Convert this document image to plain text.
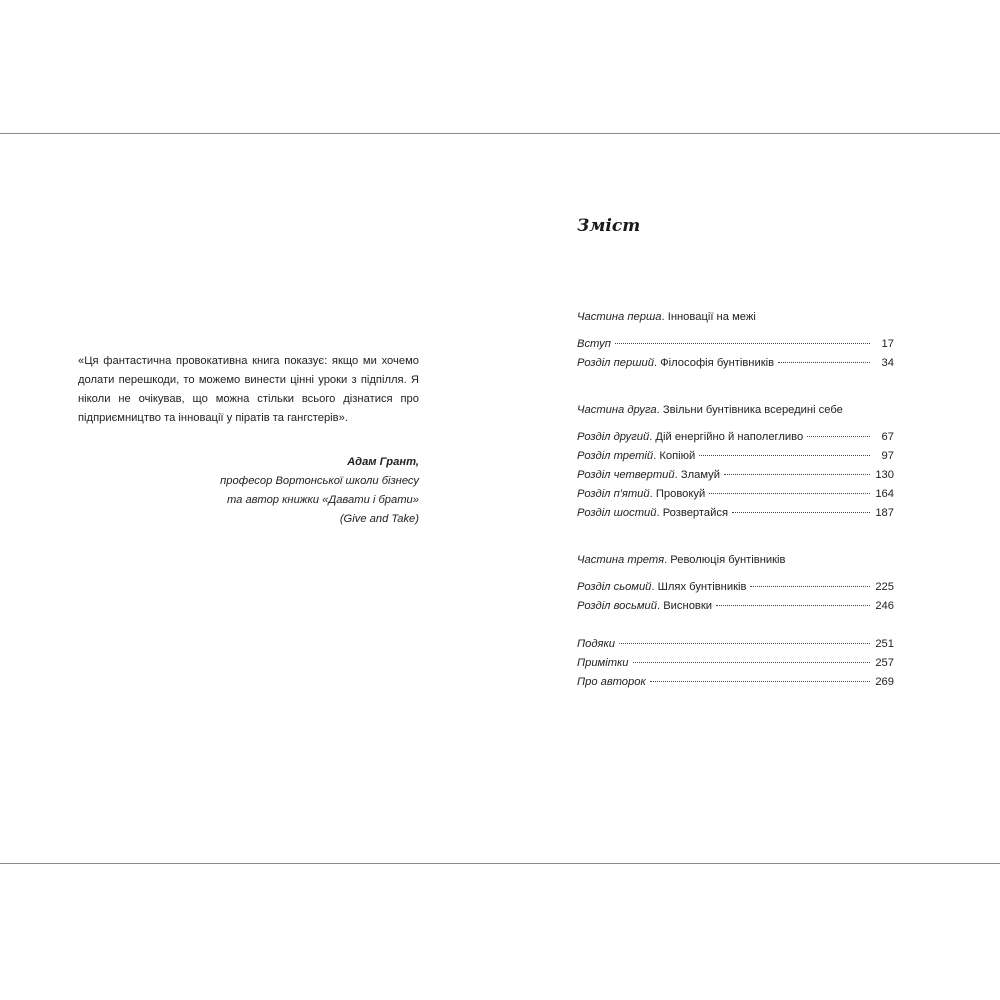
«Ця фантастична провокативна книга показує: якщо ми хочемо долати перешкоди, то можемо винести цінні уроки з підпілля. Я ніколи не очікував, що можна стільки всього дізнатися про підприємництво та інновації у піратів та гангстерів».
Адам Грант,
професор Вортонської школи бізнесу
та автор книжки «Давати і брати»
(Give and Take)
Зміст
Частина перша. Інновації на межі
Вступ	17
Розділ перший. Філософія бунтівників	34
Частина друга. Звільни бунтівника всередині себе
Розділ другий. Дій енергійно й наполегливо	67
Розділ третій. Копіюй	97
Розділ четвертий. Зламуй	130
Розділ п'ятий. Провокуй	164
Розділ шостий. Розвертайся	187
Частина третя. Революція бунтівників
Розділ сьомий. Шлях бунтівників	225
Розділ восьмий. Висновки	246
Подяки	251
Примітки	257
Про авторок	269
